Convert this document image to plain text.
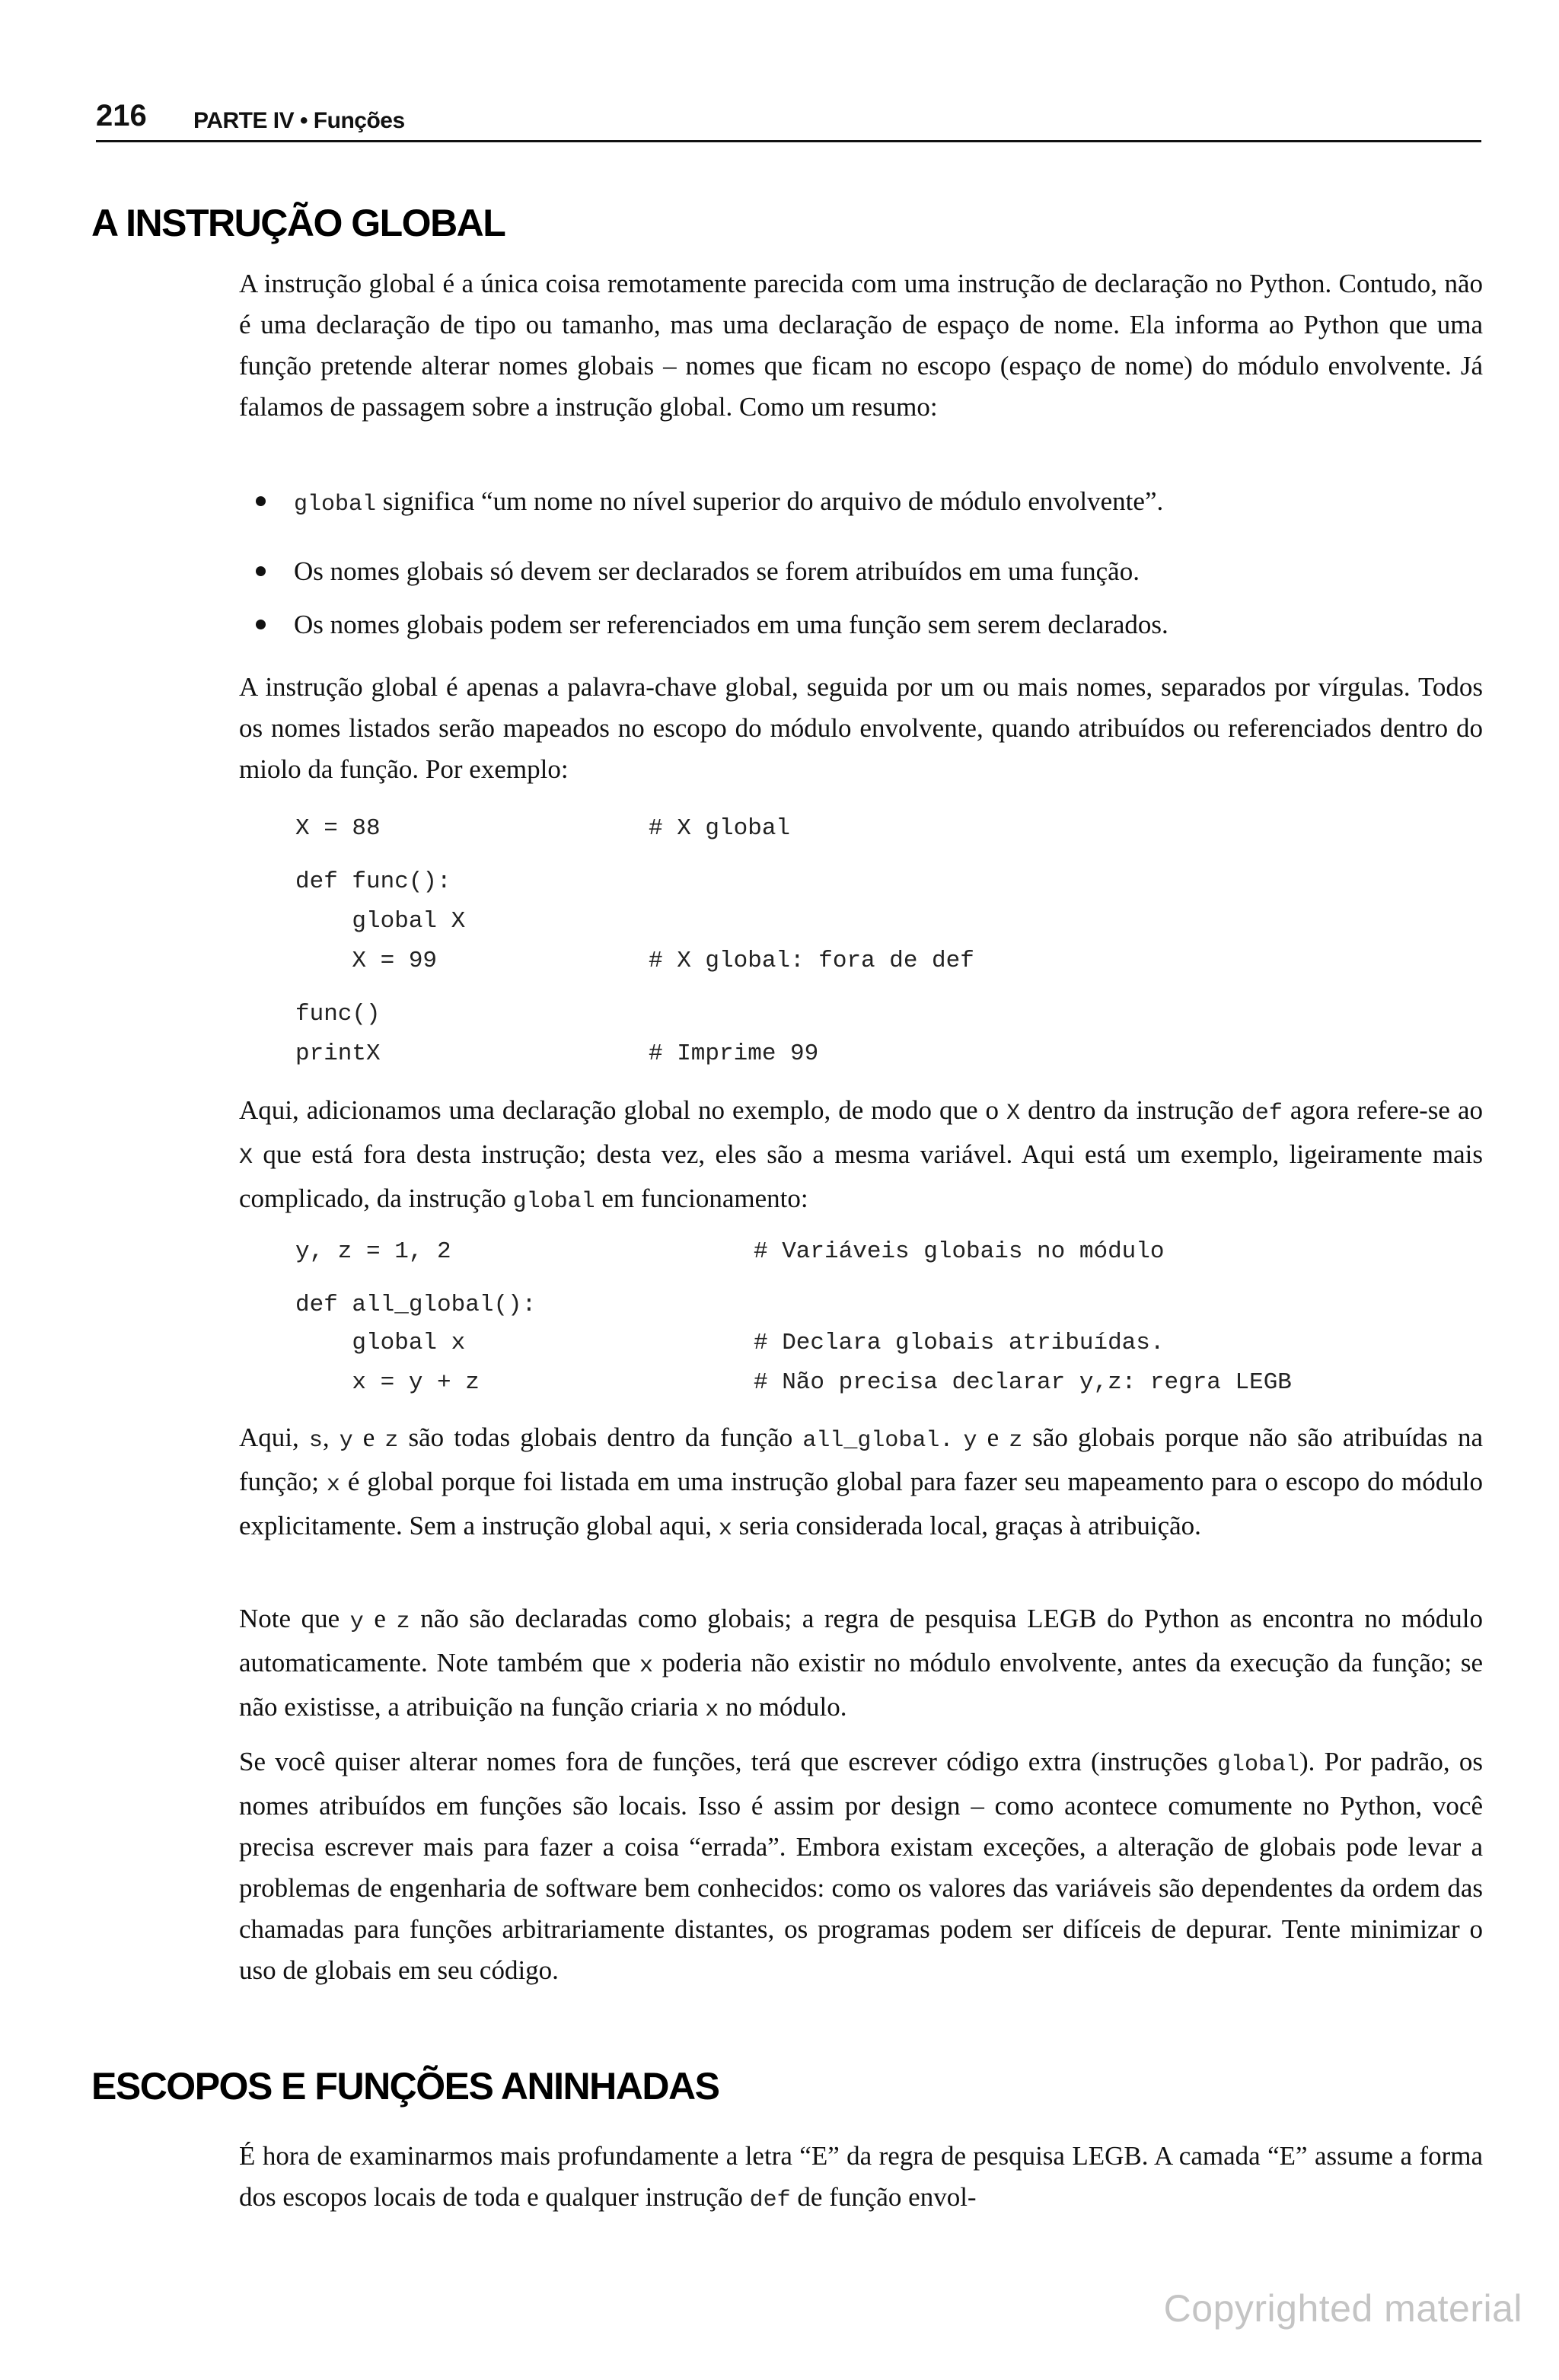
216 PARTE IV • Funções
A INSTRUÇÃO GLOBAL

A instrução global é a única coisa remotamente parecida com uma instrução de declaração no Python. Contudo, não é uma declaração de tipo ou tamanho, mas uma declaração de espaço de nome. Ela informa ao Python que uma função pretende alterar nomes globais – nomes que ficam no escopo (espaço de nome) do módulo envolvente. Já falamos de passagem sobre a instrução global. Como um resumo:

global significa “um nome no nível superior do arquivo de módulo envolvente”.
Os nomes globais só devem ser declarados se forem atribuídos em uma função.
Os nomes globais podem ser referenciados em uma função sem serem declarados.

A instrução global é apenas a palavra-chave global, seguida por um ou mais nomes, separados por vírgulas. Todos os nomes listados serão mapeados no escopo do módulo envolvente, quando atribuídos ou referenciados dentro do miolo da função. Por exemplo:

X = 88	# X global
def func():
global X
X = 99	# X global: fora de def
func()
printX	# Imprime 99

Aqui, adicionamos uma declaração global no exemplo, de modo que o X dentro da instrução def agora refere-se ao X que está fora desta instrução; desta vez, eles são a mesma variável. Aqui está um exemplo, ligeiramente mais complicado, da instrução global em funcionamento:

y, z = 1, 2	# Variáveis globais no módulo
def all_global():
global x	# Declara globais atribuídas.
x = y + z	# Não precisa declarar y,z: regra LEGB

Aqui, s, y e z são todas globais dentro da função all_global. y e z são globais porque não são atribuídas na função; x é global porque foi listada em uma instrução global para fazer seu mapeamento para o escopo do módulo explicitamente. Sem a instrução global aqui, x seria considerada local, graças à atribuição.

Note que y e z não são declaradas como globais; a regra de pesquisa LEGB do Python as encontra no módulo automaticamente. Note também que x poderia não existir no módulo envolvente, antes da execução da função; se não existisse, a atribuição na função criaria x no módulo.

Se você quiser alterar nomes fora de funções, terá que escrever código extra (instruções global). Por padrão, os nomes atribuídos em funções são locais. Isso é assim por design – como acontece comumente no Python, você precisa escrever mais para fazer a coisa “errada”. Embora existam exceções, a alteração de globais pode levar a problemas de engenharia de software bem conhecidos: como os valores das variáveis são dependentes da ordem das chamadas para funções arbitrariamente distantes, os programas podem ser difíceis de depurar. Tente minimizar o uso de globais em seu código.

ESCOPOS E FUNÇÕES ANINHADAS

É hora de examinarmos mais profundamente a letra “E” da regra de pesquisa LEGB. A camada “E” assume a forma dos escopos locais de toda e qualquer instrução def de função envol-

Copyrighted material
